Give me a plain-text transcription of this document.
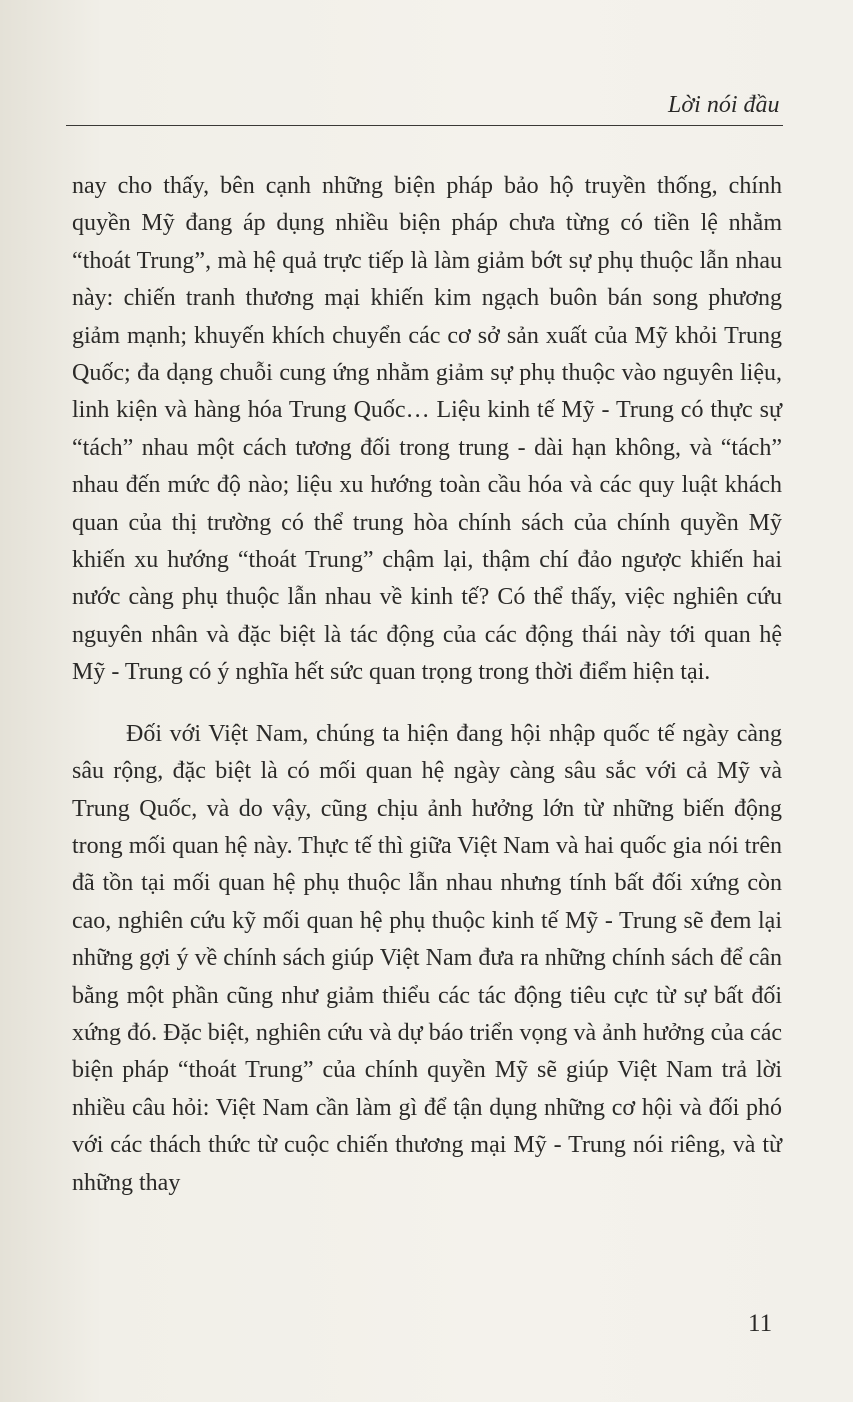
Lời nói đầu

nay cho thấy, bên cạnh những biện pháp bảo hộ truyền thống, chính quyền Mỹ đang áp dụng nhiều biện pháp chưa từng có tiền lệ nhằm “thoát Trung”, mà hệ quả trực tiếp là làm giảm bớt sự phụ thuộc lẫn nhau này: chiến tranh thương mại khiến kim ngạch buôn bán song phương giảm mạnh; khuyến khích chuyển các cơ sở sản xuất của Mỹ khỏi Trung Quốc; đa dạng chuỗi cung ứng nhằm giảm sự phụ thuộc vào nguyên liệu, linh kiện và hàng hóa Trung Quốc… Liệu kinh tế Mỹ - Trung có thực sự “tách” nhau một cách tương đối trong trung - dài hạn không, và “tách” nhau đến mức độ nào; liệu xu hướng toàn cầu hóa và các quy luật khách quan của thị trường có thể trung hòa chính sách của chính quyền Mỹ khiến xu hướng “thoát Trung” chậm lại, thậm chí đảo ngược khiến hai nước càng phụ thuộc lẫn nhau về kinh tế? Có thể thấy, việc nghiên cứu nguyên nhân và đặc biệt là tác động của các động thái này tới quan hệ Mỹ - Trung có ý nghĩa hết sức quan trọng trong thời điểm hiện tại.

Đối với Việt Nam, chúng ta hiện đang hội nhập quốc tế ngày càng sâu rộng, đặc biệt là có mối quan hệ ngày càng sâu sắc với cả Mỹ và Trung Quốc, và do vậy, cũng chịu ảnh hưởng lớn từ những biến động trong mối quan hệ này. Thực tế thì giữa Việt Nam và hai quốc gia nói trên đã tồn tại mối quan hệ phụ thuộc lẫn nhau nhưng tính bất đối xứng còn cao, nghiên cứu kỹ mối quan hệ phụ thuộc kinh tế Mỹ - Trung sẽ đem lại những gợi ý về chính sách giúp Việt Nam đưa ra những chính sách để cân bằng một phần cũng như giảm thiểu các tác động tiêu cực từ sự bất đối xứng đó. Đặc biệt, nghiên cứu và dự báo triển vọng và ảnh hưởng của các biện pháp “thoát Trung” của chính quyền Mỹ sẽ giúp Việt Nam trả lời nhiều câu hỏi: Việt Nam cần làm gì để tận dụng những cơ hội và đối phó với các thách thức từ cuộc chiến thương mại Mỹ - Trung nói riêng, và từ những thay

11
